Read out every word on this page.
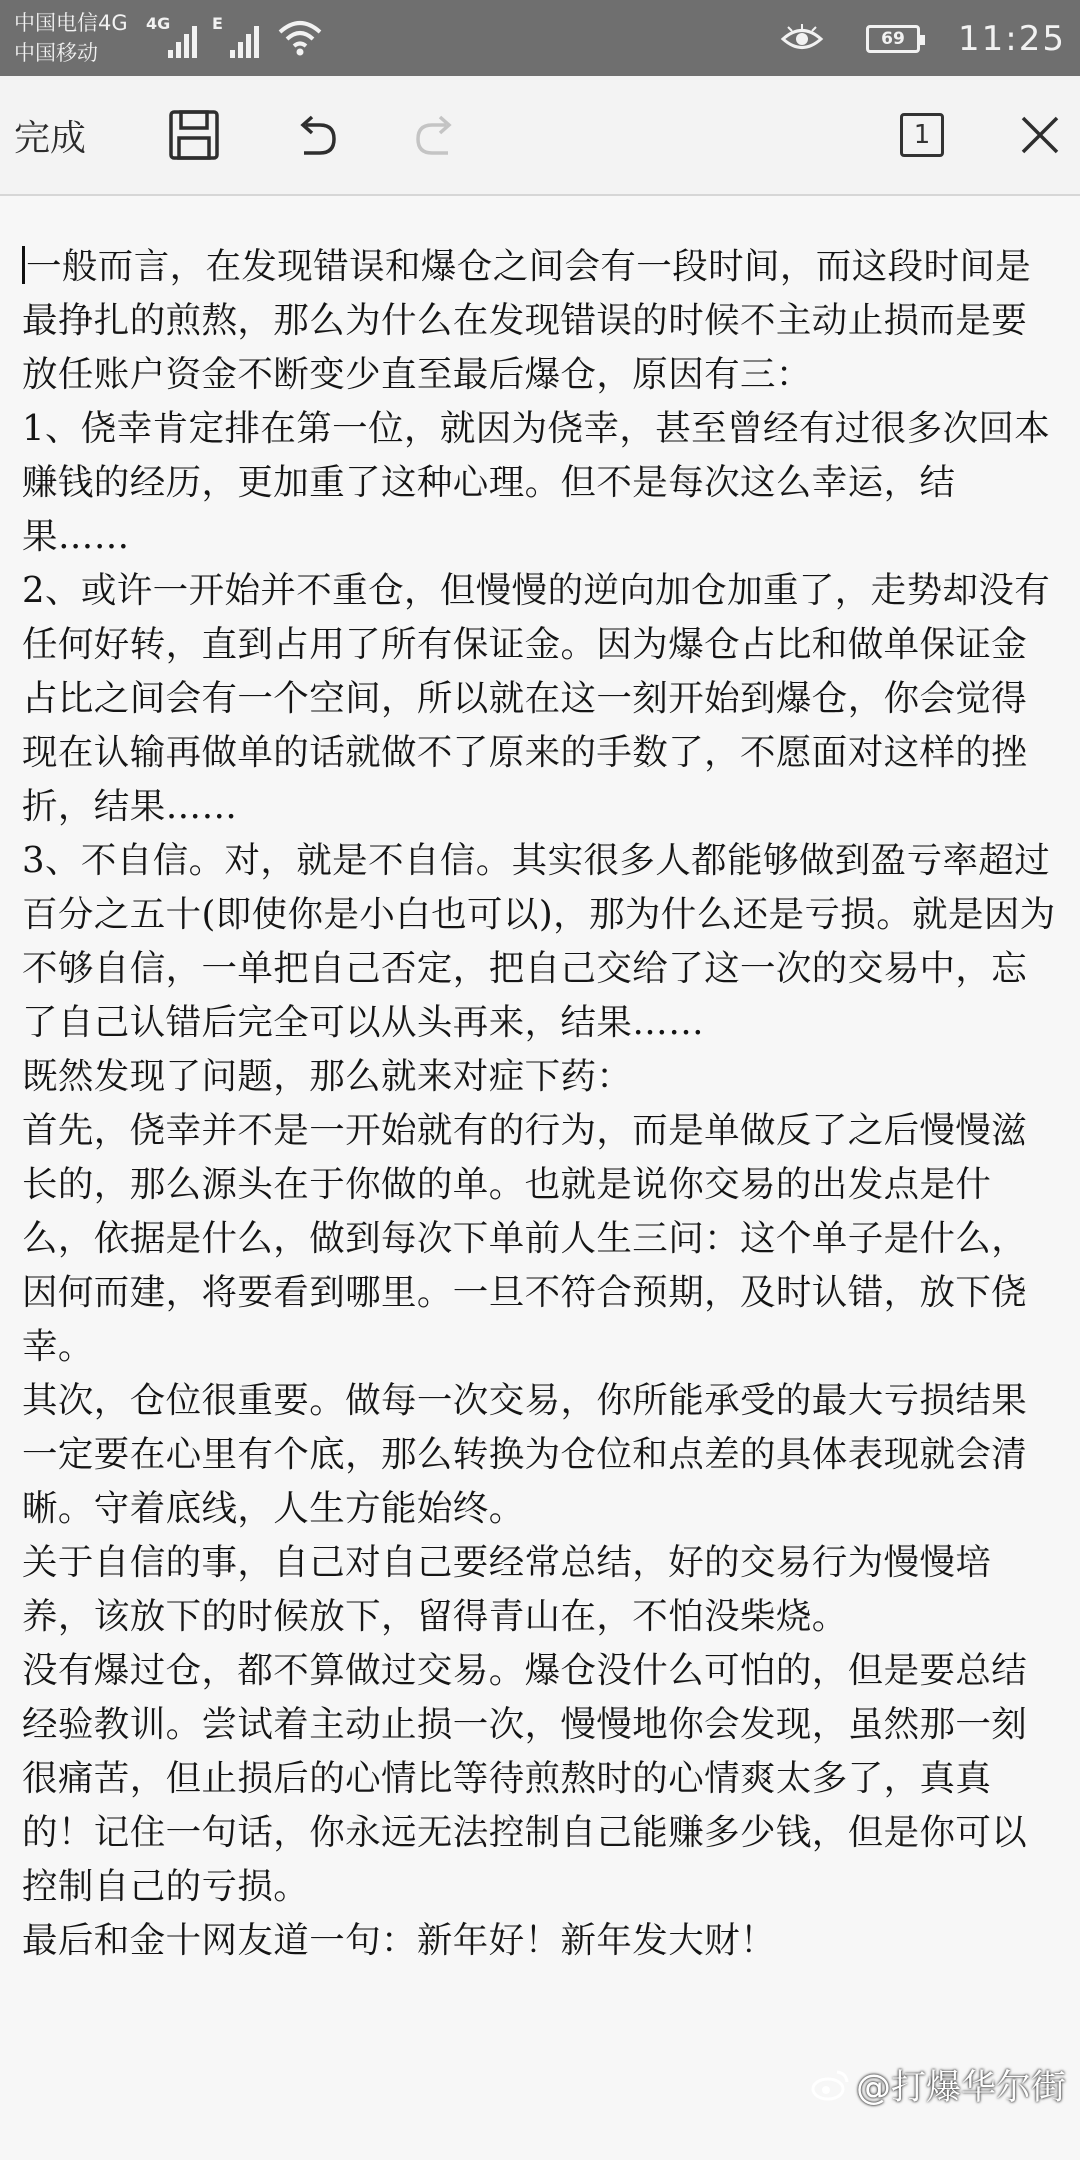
中国电信4G
中国移动
4G	E
69 11:25
完成	1

一般而言，在发现错误和爆仓之间会有一段时间，而这段时间是最挣扎的煎熬，那么为什么在发现错误的时候不主动止损而是要放任账户资金不断变少直至最后爆仓，原因有三：

1、侥幸肯定排在第一位，就因为侥幸，甚至曾经有过很多次回本赚钱的经历，更加重了这种心理。但不是每次这么幸运，结果……

2、或许一开始并不重仓，但慢慢的逆向加仓加重了，走势却没有任何好转，直到占用了所有保证金。因为爆仓占比和做单保证金占比之间会有一个空间，所以就在这一刻开始到爆仓，你会觉得现在认输再做单的话就做不了原来的手数了，不愿面对这样的挫折，结果……

3、不自信。对，就是不自信。其实很多人都能够做到盈亏率超过百分之五十(即使你是小白也可以)，那为什么还是亏损。就是因为不够自信，一单把自己否定，把自己交给了这一次的交易中，忘了自己认错后完全可以从头再来，结果……

既然发现了问题，那么就来对症下药：

首先，侥幸并不是一开始就有的行为，而是单做反了之后慢慢滋长的，那么源头在于你做的单。也就是说你交易的出发点是什么，依据是什么，做到每次下单前人生三问：这个单子是什么，因何而建，将要看到哪里。一旦不符合预期，及时认错，放下侥幸。

其次，仓位很重要。做每一次交易，你所能承受的最大亏损结果一定要在心里有个底，那么转换为仓位和点差的具体表现就会清晰。守着底线，人生方能始终。

关于自信的事，自己对自己要经常总结，好的交易行为慢慢培养，该放下的时候放下，留得青山在，不怕没柴烧。

没有爆过仓，都不算做过交易。爆仓没什么可怕的，但是要总结经验教训。尝试着主动止损一次，慢慢地你会发现，虽然那一刻很痛苦，但止损后的心情比等待煎熬时的心情爽太多了，真真的！记住一句话，你永远无法控制自己能赚多少钱，但是你可以控制自己的亏损。

最后和金十网友道一句：新年好！新年发大财！

@打爆华尔街
